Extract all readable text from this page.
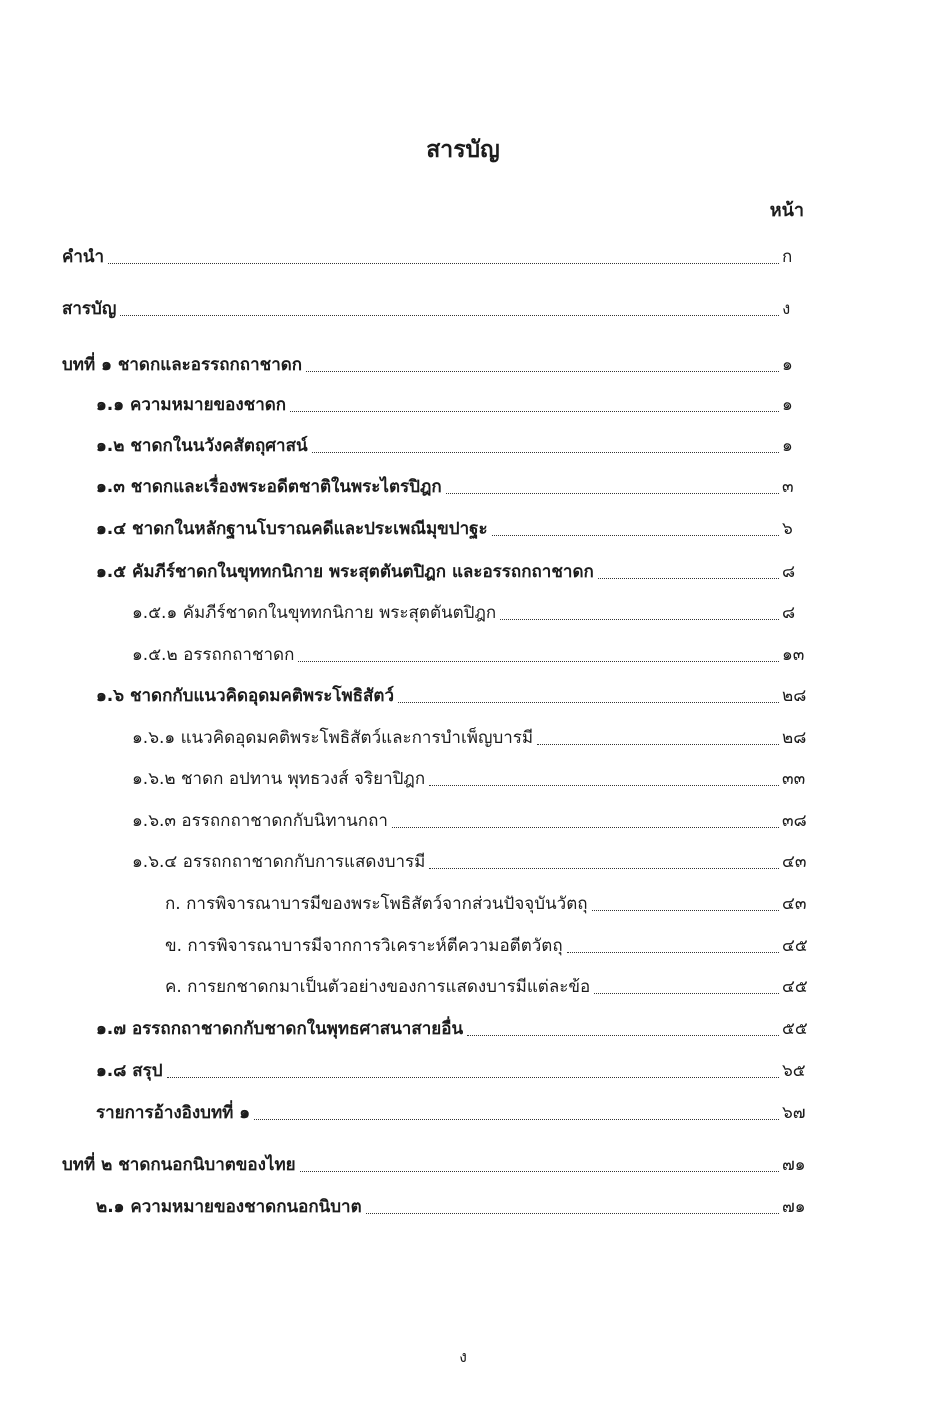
สารบัญ
หน้า
คำนำ	ก
สารบัญ	ง
บทที่ ๑ ชาดกและอรรถกถาชาดก	๑
๑.๑ ความหมายของชาดก	๑
๑.๒ ชาดกในนวังคสัตถุศาสน์	๑
๑.๓ ชาดกและเรื่องพระอดีตชาติในพระไตรปิฎก	๓
๑.๔ ชาดกในหลักฐานโบราณคดีและประเพณีมุขปาฐะ	๖
๑.๕ คัมภีร์ชาดกในขุททกนิกาย พระสุตตันตปิฎก และอรรถกถาชาดก	๘
๑.๕.๑ คัมภีร์ชาดกในขุททกนิกาย พระสุตตันตปิฎก	๘
๑.๕.๒ อรรถกถาชาดก	๑๓
๑.๖ ชาดกกับแนวคิดอุดมคติพระโพธิสัตว์	๒๘
๑.๖.๑ แนวคิดอุดมคติพระโพธิสัตว์และการบำเพ็ญบารมี	๒๘
๑.๖.๒ ชาดก อปทาน พุทธวงส์ จริยาปิฎก	๓๓
๑.๖.๓ อรรถกถาชาดกกับนิทานกถา	๓๘
๑.๖.๔ อรรถกถาชาดกกับการแสดงบารมี	๔๓
ก. การพิจารณาบารมีของพระโพธิสัตว์จากส่วนปัจจุบันวัตถุ	๔๓
ข. การพิจารณาบารมีจากการวิเคราะห์ตีความอตีตวัตถุ	๔๕
ค. การยกชาดกมาเป็นตัวอย่างของการแสดงบารมีแต่ละข้อ	๔๕
๑.๗ อรรถกถาชาดกกับชาดกในพุทธศาสนาสายอื่น	๕๕
๑.๘ สรุป	๖๕
รายการอ้างอิงบทที่ ๑	๖๗
บทที่ ๒ ชาดกนอกนิบาตของไทย	๗๑
๒.๑ ความหมายของชาดกนอกนิบาต	๗๑
ง
